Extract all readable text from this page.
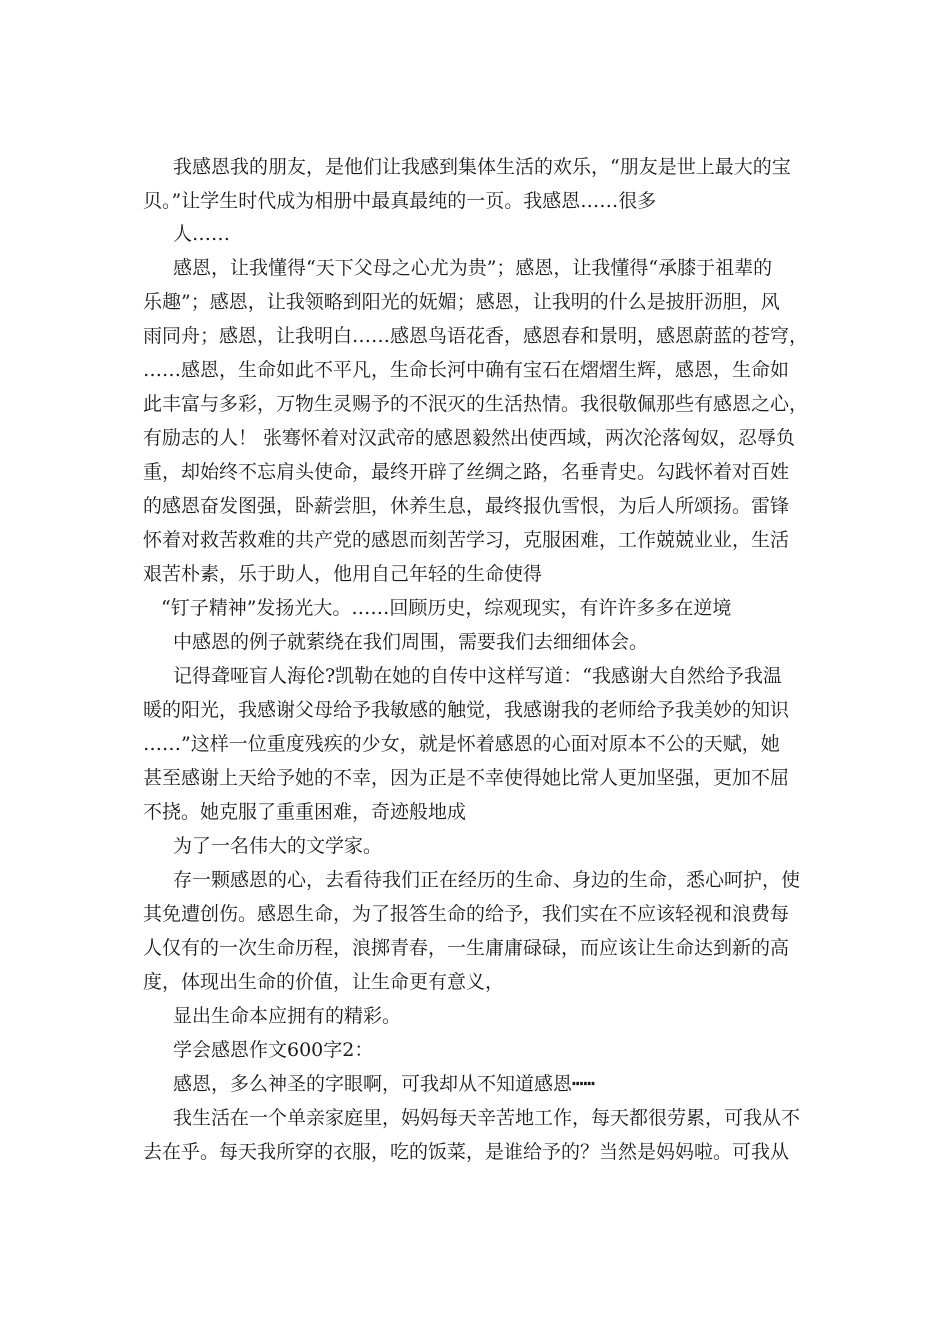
我感恩我的朋友，是他们让我感到集体生活的欢乐，“朋友是世上最大的宝

贝。”让学生时代成为相册中最真最纯的一页。我感恩……很多

人……

感恩，让我懂得“天下父母之心尤为贵”；感恩，让我懂得“承膝于祖辈的

乐趣”；感恩，让我领略到阳光的妩媚；感恩，让我明的什么是披肝沥胆，风

雨同舟；感恩，让我明白……感恩鸟语花香，感恩春和景明，感恩蔚蓝的苍穹，

……感恩，生命如此不平凡，生命长河中确有宝石在熠熠生辉，感恩，生命如

此丰富与多彩，万物生灵赐予的不泯灭的生活热情。我很敬佩那些有感恩之心，

有励志的人！ 张骞怀着对汉武帝的感恩毅然出使西域，两次沦落匈奴，忍辱负

重，却始终不忘肩头使命，最终开辟了丝绸之路，名垂青史。勾践怀着对百姓

的感恩奋发图强，卧薪尝胆，休养生息，最终报仇雪恨，为后人所颂扬。雷锋

怀着对救苦救难的共产党的感恩而刻苦学习，克服困难，工作兢兢业业，生活

艰苦朴素，乐于助人，他用自己年轻的生命使得

“钉子精神”发扬光大。……回顾历史，综观现实，有许许多多在逆境

中感恩的例子就萦绕在我们周围，需要我们去细细体会。

记得聋哑盲人海伦?凯勒在她的自传中这样写道：“我感谢大自然给予我温

暖的阳光，我感谢父母给予我敏感的触觉，我感谢我的老师给予我美妙的知识

……”这样一位重度残疾的少女，就是怀着感恩的心面对原本不公的天赋，她

甚至感谢上天给予她的不幸，因为正是不幸使得她比常人更加坚强，更加不屈

不挠。她克服了重重困难，奇迹般地成

为了一名伟大的文学家。

存一颗感恩的心，去看待我们正在经历的生命、身边的生命，悉心呵护，使

其免遭创伤。感恩生命，为了报答生命的给予，我们实在不应该轻视和浪费每

人仅有的一次生命历程，浪掷青春，一生庸庸碌碌，而应该让生命达到新的高

度，体现出生命的价值，让生命更有意义，

显出生命本应拥有的精彩。

学会感恩作文600字2：

感恩，多么神圣的字眼啊，可我却从不知道感恩┅┅

我生活在一个单亲家庭里，妈妈每天辛苦地工作，每天都很劳累，可我从不

去在乎。每天我所穿的衣服，吃的饭菜，是谁给予的？当然是妈妈啦。可我从
